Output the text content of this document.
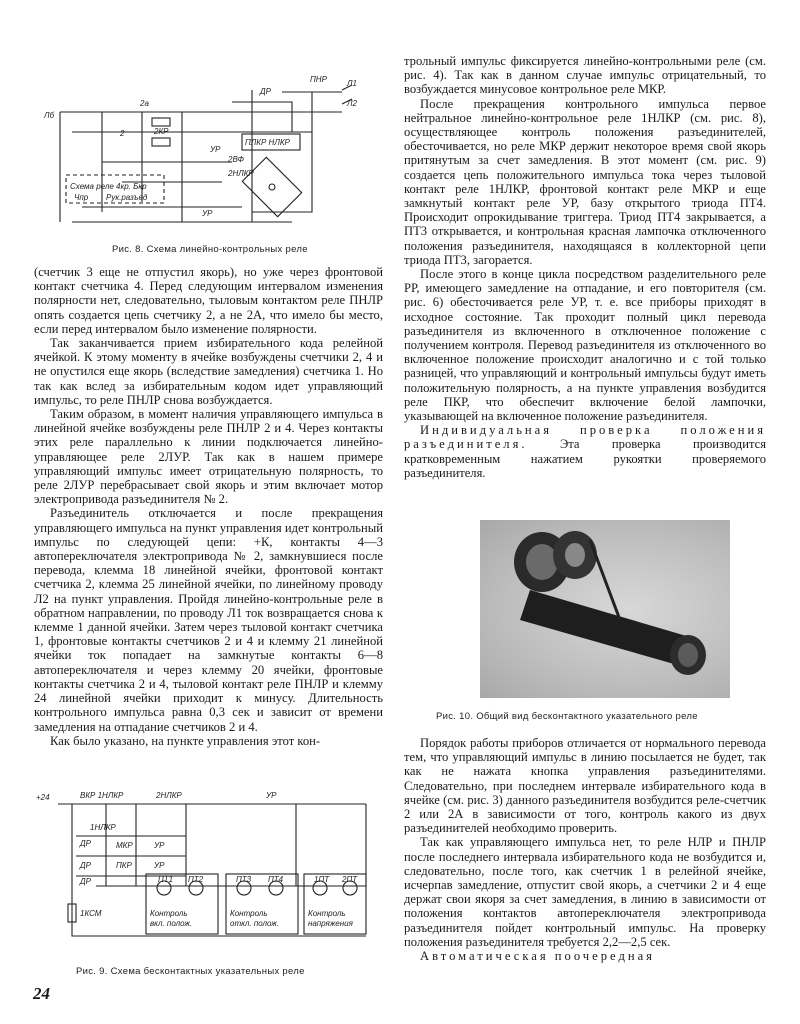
ПНР
ДР
2а
2	2КР
УР
ПЛКР НЛКР
2НЛКР
2ВФ
Схема реле 4кр. Бкр
Чпр Рук.разъед
УР
Л1
Л2
Лб
Рис. 8. Схема линейно-контрольных реле

(счетчик 3 еще не отпустил якорь), но уже через фронтовой контакт счетчика 4. Перед следующим интервалом изменения полярности нет, следовательно, тыловым контактом реле ПНЛР опять создается цепь счетчику 2, а не 2А, что имело бы место, если перед интервалом было изменение полярности.

Так заканчивается прием избирательного кода релейной ячейкой. К этому моменту в ячейке возбуждены счетчики 2, 4 и не опустился еще якорь (вследствие замедления) счетчика 1. Но так как вслед за избирательным кодом идет управляющий импульс, то реле ПНЛР снова возбуждается.

Таким образом, в момент наличия управляющего импульса в линейной ячейке возбуждены реле ПНЛР 2 и 4. Через контакты этих реле параллельно к линии подключается линейно-управляющее реле 2ЛУР. Так как в нашем примере управляющий импульс имеет отрицательную полярность, то реле 2ЛУР перебрасывает свой якорь и этим включает мотор электропривода разъединителя № 2.

Разъединитель отключается и после прекращения управляющего импульса на пункт управления идет контрольный импульс по следующей цепи: +К, контакты 4—3 автопереключателя электропривода № 2, замкнувшиеся после перевода, клемма 18 линейной ячейки, фронтовой контакт счетчика 2, клемма 25 линейной ячейки, по линейному проводу Л2 на пункт управления. Пройдя линейно-контрольные реле в обратном направлении, по проводу Л1 ток возвращается снова к клемме 1 данной ячейки. Затем через тыловой контакт счетчика 1, фронтовые контакты счетчиков 2 и 4 и клемму 21 линейной ячейки ток попадает на замкнутые контакты 6—8 автопереключателя и через клемму 20 ячейки, фронтовые контакты счетчика 2 и 4, тыловой контакт реле ПНЛР и клемму 24 линейной ячейки приходит к минусу. Длительность контрольного импульса равна 0,3 сек и зависит от времени замедления на отпадание счетчиков 2 и 4.

Как было указано, на пункте управления этот кон-

+24	ВКР 1НЛКР	2НЛКР	УР
1НЛКР
ДР	МКР	УР
ДР	ПКР	УР
ДР
1КСМ
ПТ1 ПТ2	ПТ3 ПТ4	1ПТ 2ПТ
Контроль
вкл. полож.
Контроль
откл. полож.
Контроль
напряжения
Рис. 9. Схема бесконтактных указательных реле
24

трольный импульс фиксируется линейно-контрольными реле (см. рис. 4). Так как в данном случае импульс отрицательный, то возбуждается минусовое контрольное реле МКР.

После прекращения контрольного импульса первое нейтральное линейно-контрольное реле 1НЛКР (см. рис. 8), осуществляющее контроль положения разъединителей, обесточивается, но реле МКР держит некоторое время свой якорь притянутым за счет замедления. В этот момент (см. рис. 9) создается цепь положительного импульса тока через тыловой контакт реле 1НЛКР, фронтовой контакт реле МКР и еще замкнутый контакт реле УР, базу открытого триода ПТ4. Происходит опрокидывание триггера. Триод ПТ4 закрывается, а ПТ3 открывается, и контрольная красная лампочка отключенного положения разъединителя, находящаяся в коллекторной цепи триода ПТ3, загорается.

После этого в конце цикла посредством разделительного реле РР, имеющего замедление на отпадание, и его повторителя (см. рис. 6) обесточивается реле УР, т. е. все приборы приходят в исходное состояние. Так проходит полный цикл перевода разъединителя из включенного в отключенное положение с получением контроля. Перевод разъединителя из отключенного во включенное положение происходит аналогично и с той только разницей, что управляющий и контрольный импульсы будут иметь положительную полярность, а на пункте управления возбудится реле ПКР, что обеспечит включение белой лампочки, указывающей на включенное положение разъединителя.

Индивидуальная проверка положения разъединителя.	Эта проверка производится кратковременным нажатием рукоятки проверяемого разъединителя.

Рис. 10. Общий вид бесконтактного указательного реле

Порядок работы приборов отличается от нормального перевода тем, что управляющий импульс в линию посылается не будет, так как не нажата кнопка управления разъединителями. Следовательно, при последнем интервале избирательного кода в ячейке (см. рис. 3) данного разъединителя возбудится реле-счетчик 2 или 2А в зависимости от того, контроль какого из двух разъединителей необходимо проверить.

Так как управляющего импульса нет, то реле НЛР и ПНЛР после последнего интервала избирательного кода не возбудится и, следовательно, после того, как счетчик 1 в релейной ячейке, исчерпав замедление, отпустит свой якорь, а счетчики 2 и 4 еще держат свои якоря за счет замедления, в линию в зависимости от положения контактов автопереключателя электропривода разъединителя пойдет контрольный импульс. На проверку положения разъединителя требуется 2,2—2,5 сек.

Автоматическая поочередная
